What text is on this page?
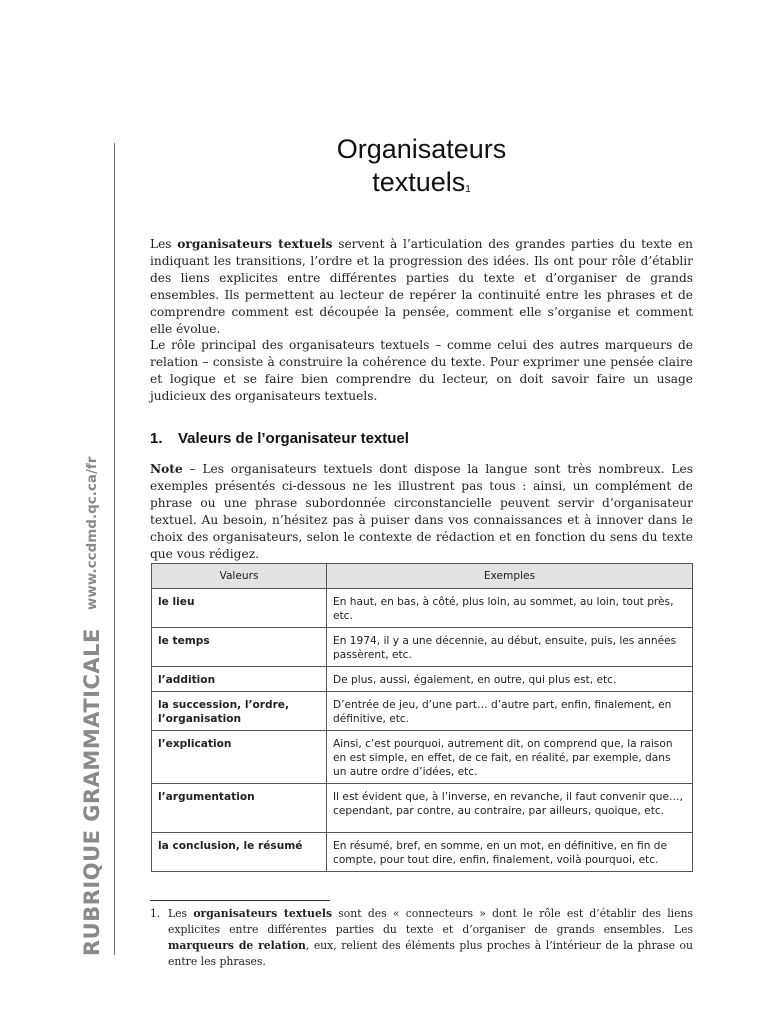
RUBRIQUE GRAMMATICALE
www.ccdmd.qc.ca/fr
Organisateurs
textuels$^1$

Les organisateurs textuels servent à l’articulation des grandes parties du texte en indiquant les transitions, l’ordre et la progression des idées. Ils ont pour rôle d’établir des liens explicites entre différentes parties du texte et d’organiser de grands ensembles. Ils permettent au lecteur de repérer la continuité entre les phrases et de comprendre comment est découpée la pensée, comment elle s’organise et comment elle évolue.

Le rôle principal des organisateurs textuels – comme celui des autres marqueurs de relation – consiste à construire la cohérence du texte. Pour exprimer une pensée claire et logique et se faire bien comprendre du lecteur, on doit savoir faire un usage judicieux des organisateurs textuels.

1. Valeurs de l’organisateur textuel

Note – Les organisateurs textuels dont dispose la langue sont très nombreux. Les exemples présentés ci-dessous ne les illustrent pas tous : ainsi, un complément de phrase ou une phrase subordonnée circonstancielle peuvent servir d’organisateur textuel. Au besoin, n’hésitez pas à puiser dans vos connaissances et à innover dans le choix des organisateurs, selon le contexte de rédaction et en fonction du sens du texte que vous rédigez.

Valeurs	Exemples
le lieu	En haut, en bas, à côté, plus loin, au sommet, au loin, tout près, etc.
le temps	En 1974, il y a une décennie, au début, ensuite, puis, les années passèrent, etc.
l’addition	De plus, aussi, également, en outre, qui plus est, etc.
la succession, l’ordre, l’organisation	D’entrée de jeu, d’une part… d’autre part, enfin, finalement, en définitive, etc.
l’explication	Ainsi, c’est pourquoi, autrement dit, on comprend que, la raison en est simple, en effet, de ce fait, en réalité, par exemple, dans un autre ordre d’idées, etc.
l’argumentation	Il est évident que, à l’inverse, en revanche, il faut convenir que…, cependant, par contre, au contraire, par ailleurs, quoique, etc.
la conclusion, le résumé	En résumé, bref, en somme, en un mot, en définitive, en fin de compte, pour tout dire, enfin, finalement, voilà pourquoi, etc.

1. Les organisateurs textuels sont des « connecteurs » dont le rôle est d’établir des liens explicites entre différentes parties du texte et d’organiser de grands ensembles. Les marqueurs de relation, eux, relient des éléments plus proches à l’intérieur de la phrase ou entre les phrases.
